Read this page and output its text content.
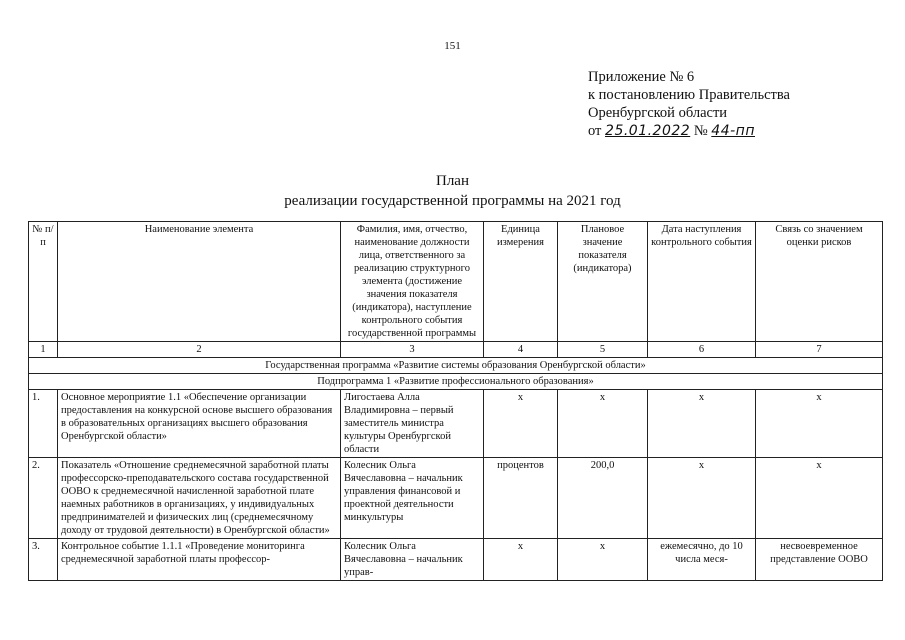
151
Приложение № 6
к постановлению Правительства
Оренбургской области
от 25.01.2022 № 44-пп
План
реализации государственной программы на 2021 год
№ п/п	Наименование элемента	Фамилия, имя, отчество, наименование должности лица, ответственного за реализацию структурного элемента (достижение значения показателя (индикатора), наступление контрольного события государственной программы	Единица измерения	Плановое значение показателя (индикатора)	Дата наступления контрольного события	Связь со значением оценки рисков
1	2	3	4	5	6	7
Государственная программа «Развитие системы образования Оренбургской области»						
Подпрограмма 1 «Развитие профессионального образования»						
1.	Основное мероприятие 1.1 «Обеспечение организации предоставления на конкурсной основе высшего образования в образовательных организациях высшего образования Оренбургской области»	Лигостаева Алла Владимировна – первый заместитель министра культуры Оренбургской области	x	x	x	x
2.	Показатель «Отношение среднемесячной заработной платы профессорско-преподавательского состава государственной ООВО к среднемесячной начисленной заработной плате наемных работников в организациях, у индивидуальных предпринимателей и физических лиц (среднемесячному доходу от трудовой деятельности) в Оренбургской области»	Колесник Ольга Вячеславовна – начальник управления финансовой и проектной деятельности минкультуры	процентов	200,0	x	x
3.	Контрольное событие 1.1.1 «Проведение мониторинга среднемесячной заработной платы профессор-	Колесник Ольга Вячеславовна – начальник управ-	x	x	ежемесячно, до 10 числа меся-	несвоевременное представление ООВО
